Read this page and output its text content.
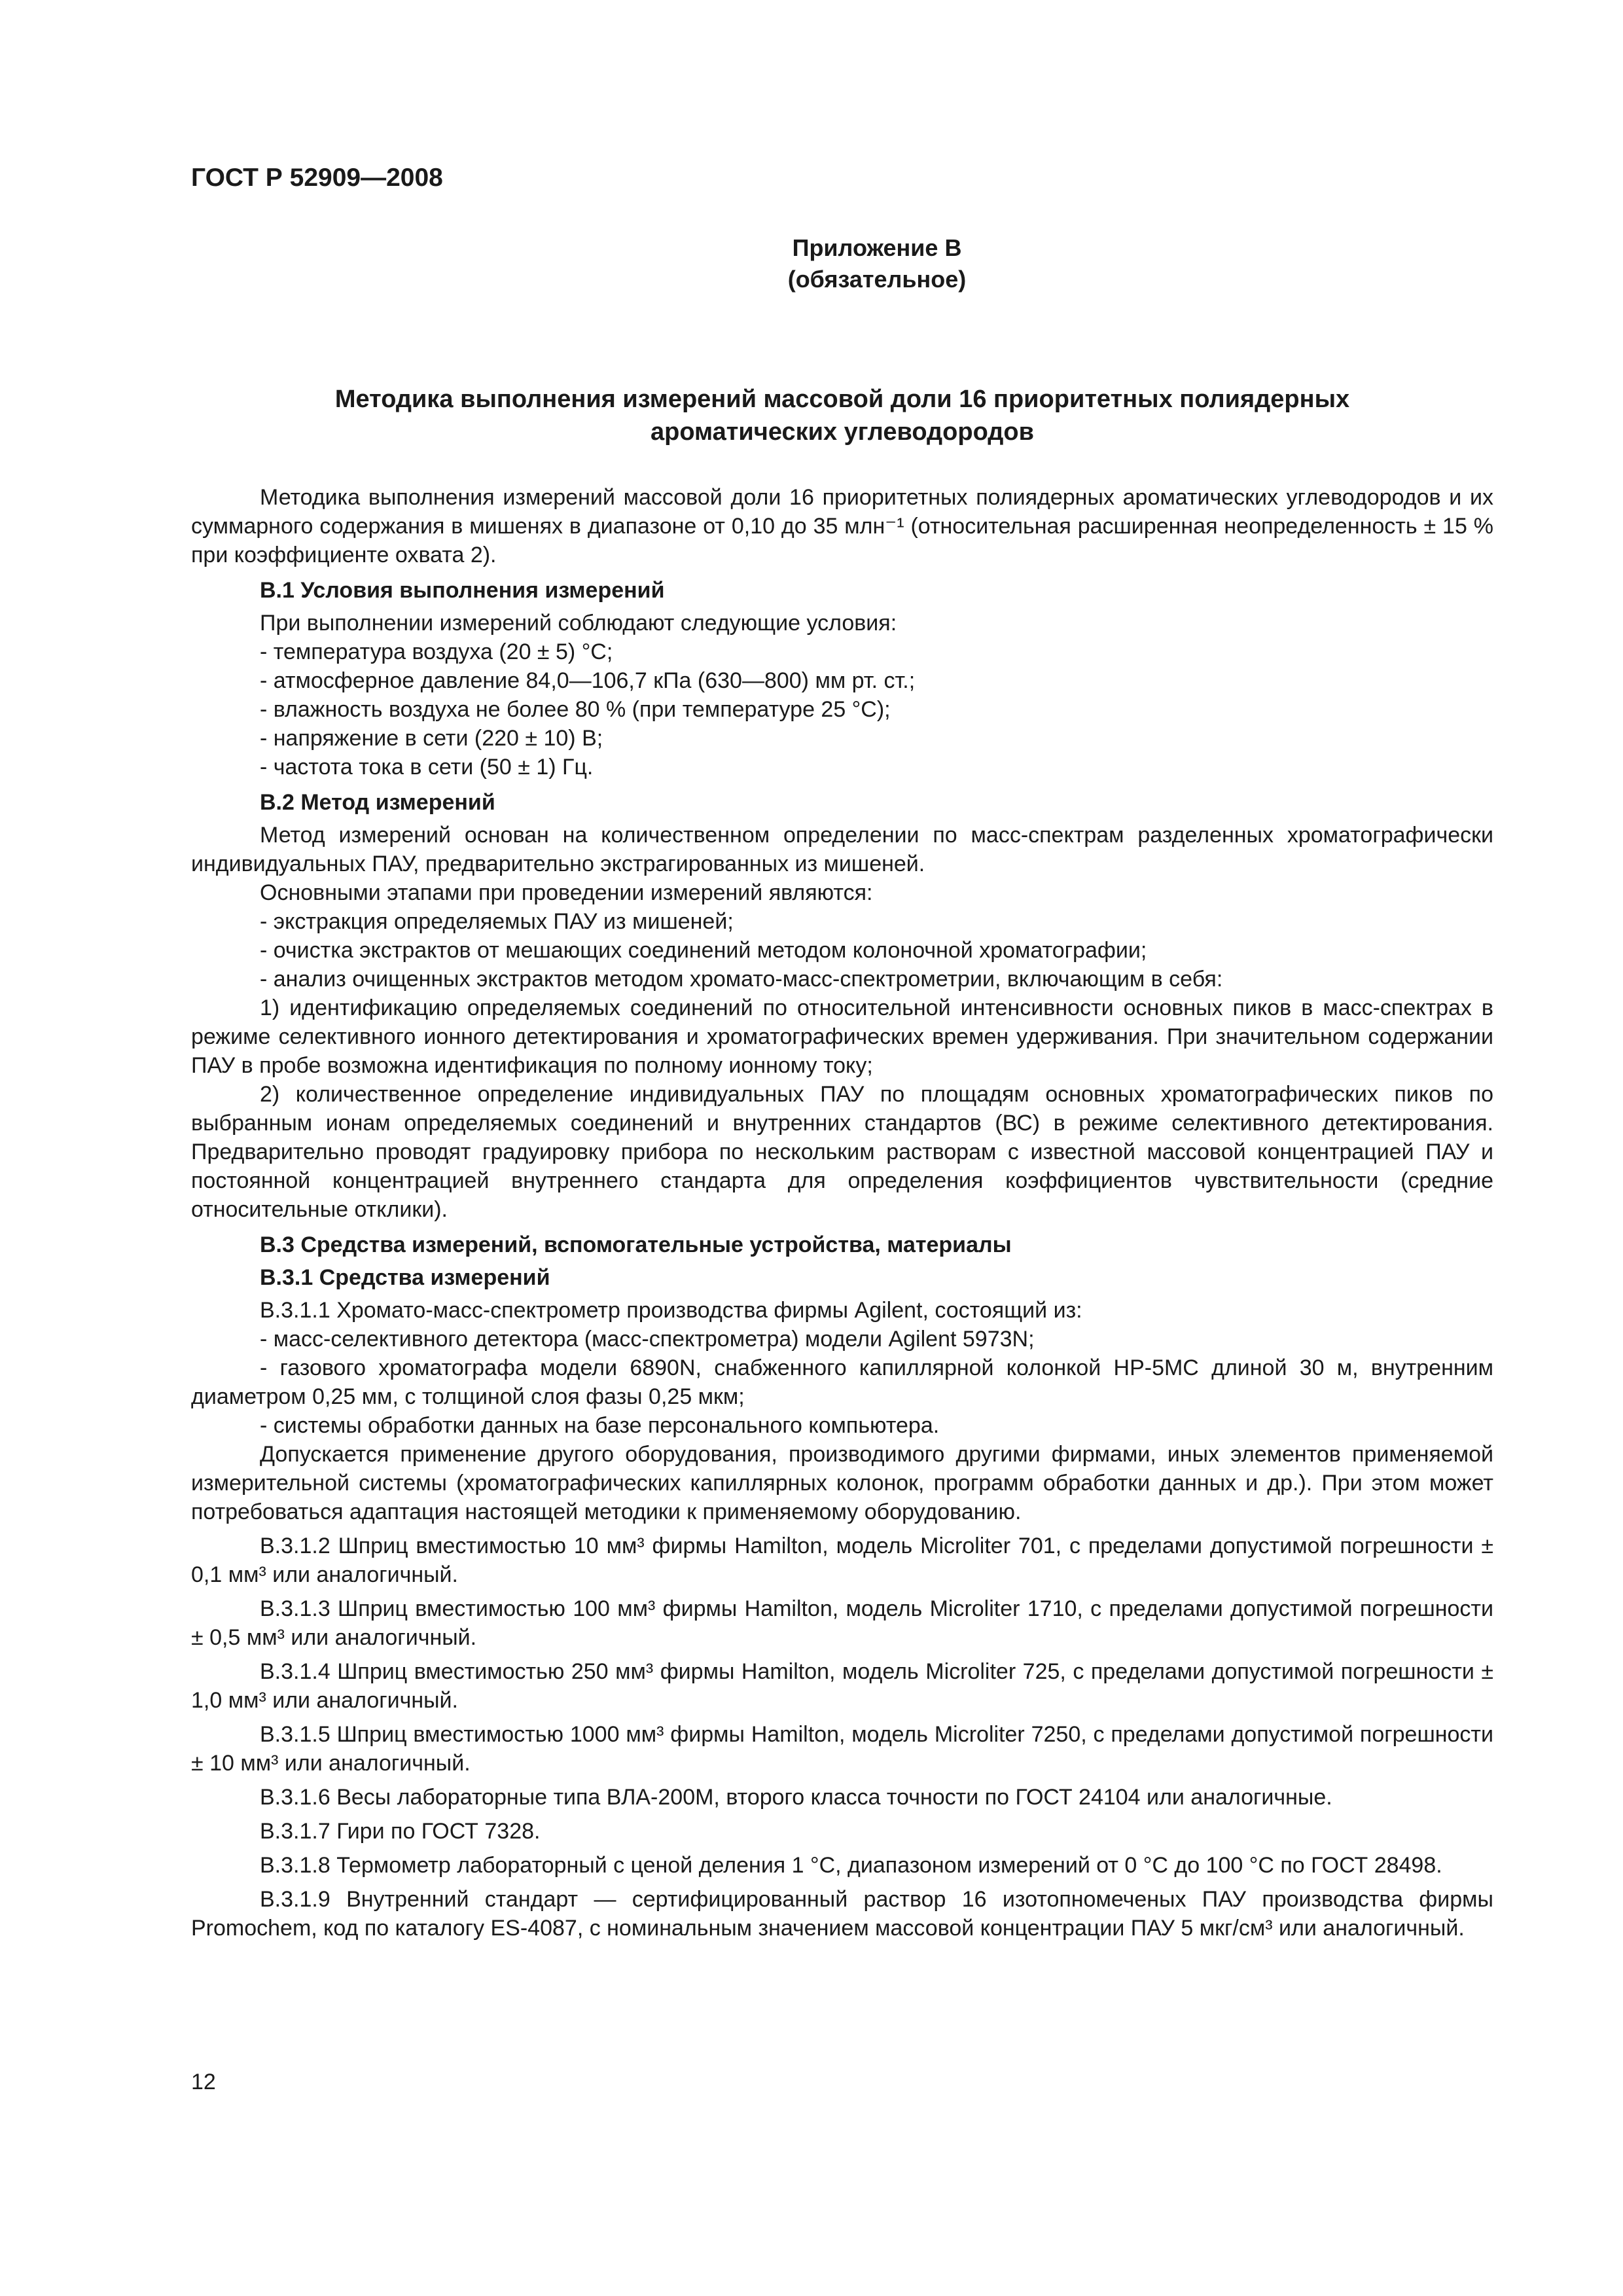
ГОСТ Р 52909—2008
Приложение В
(обязательное)
Методика выполнения измерений массовой доли 16 приоритетных полиядерных
ароматических углеводородов

Методика выполнения измерений массовой доли 16 приоритетных полиядерных ароматических углеводородов и их суммарного содержания в мишенях в диапазоне от 0,10 до 35 млн⁻¹ (относительная расширенная неопределенность ± 15 % при коэффициенте охвата 2).

В.1 Условия выполнения измерений

При выполнении измерений соблюдают следующие условия:

- температура воздуха (20 ± 5) °С;

- атмосферное давление 84,0—106,7 кПа (630—800) мм рт. ст.;

- влажность воздуха не более 80 % (при температуре 25 °С);

- напряжение в сети (220 ± 10) В;

- частота тока в сети (50 ± 1) Гц.

В.2 Метод измерений

Метод измерений основан на количественном определении по масс-спектрам разделенных хроматографически индивидуальных ПАУ, предварительно экстрагированных из мишеней.

Основными этапами при проведении измерений являются:

- экстракция определяемых ПАУ из мишеней;

- очистка экстрактов от мешающих соединений методом колоночной хроматографии;

- анализ очищенных экстрактов методом хромато-масс-спектрометрии, включающим в себя:

1) идентификацию определяемых соединений по относительной интенсивности основных пиков в масс-спектрах в режиме селективного ионного детектирования и хроматографических времен удерживания. При значительном содержании ПАУ в пробе возможна идентификация по полному ионному току;

2) количественное определение индивидуальных ПАУ по площадям основных хроматографических пиков по выбранным ионам определяемых соединений и внутренних стандартов (ВС) в режиме селективного детектирования. Предварительно проводят градуировку прибора по нескольким растворам с известной массовой концентрацией ПАУ и постоянной концентрацией внутреннего стандарта для определения коэффициентов чувствительности (средние относительные отклики).

В.3 Средства измерений, вспомогательные устройства, материалы
В.3.1 Средства измерений

В.3.1.1 Хромато-масс-спектрометр производства фирмы Agilent, состоящий из:

- масс-селективного детектора (масс-спектрометра) модели Agilent 5973N;

- газового хроматографа модели 6890N, снабженного капиллярной колонкой НР-5МС длиной 30 м, внутренним диаметром 0,25 мм, с толщиной слоя фазы 0,25 мкм;

- системы обработки данных на базе персонального компьютера.

Допускается применение другого оборудования, производимого другими фирмами, иных элементов применяемой измерительной системы (хроматографических капиллярных колонок, программ обработки данных и др.). При этом может потребоваться адаптация настоящей методики к применяемому оборудованию.

В.3.1.2 Шприц вместимостью 10 мм³ фирмы Hamilton, модель Microliter 701, с пределами допустимой погрешности ± 0,1 мм³ или аналогичный.

В.3.1.3 Шприц вместимостью 100 мм³ фирмы Hamilton, модель Microliter 1710, с пределами допустимой погрешности ± 0,5 мм³ или аналогичный.

В.3.1.4 Шприц вместимостью 250 мм³ фирмы Hamilton, модель Microliter 725, с пределами допустимой погрешности ± 1,0 мм³ или аналогичный.

В.3.1.5 Шприц вместимостью 1000 мм³ фирмы Hamilton, модель Microliter 7250, с пределами допустимой погрешности ± 10 мм³ или аналогичный.

В.3.1.6 Весы лабораторные типа ВЛА-200М, второго класса точности по ГОСТ 24104 или аналогичные.

В.3.1.7 Гири по ГОСТ 7328.

В.3.1.8 Термометр лабораторный с ценой деления 1 °С, диапазоном измерений от 0 °С до 100 °С по ГОСТ 28498.

В.3.1.9 Внутренний стандарт — сертифицированный раствор 16 изотопномеченых ПАУ производства фирмы Promochem, код по каталогу ES-4087, с номинальным значением массовой концентрации ПАУ 5 мкг/см³ или аналогичный.

12
